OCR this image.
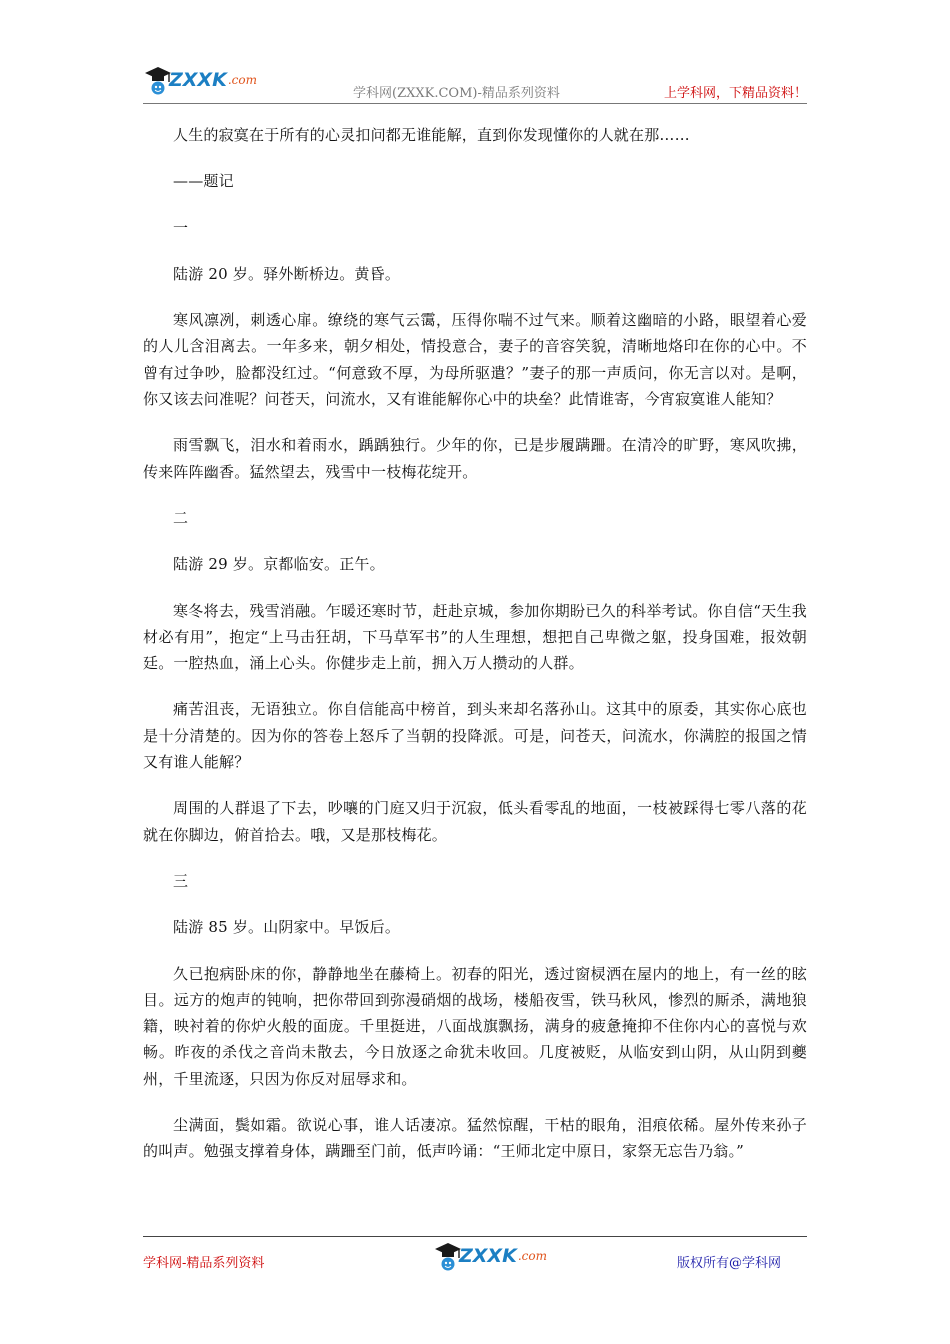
ZXXK .com
学科网(ZXXK.COM)-精品系列资料	上学科网，下精品资料！

人生的寂寞在于所有的心灵扣问都无谁能解，直到你发现懂你的人就在那……

——题记

一

陆游 20 岁。驿外断桥边。黄昏。

寒风凛冽，刺透心扉。缭绕的寒气云霭，压得你喘不过气来。顺着这幽暗的小路，眼望着心爱的人儿含泪离去。一年多来，朝夕相处，情投意合，妻子的音容笑貌，清晰地烙印在你的心中。不曾有过争吵，脸都没红过。“何意致不厚，为母所驱遣？”妻子的那一声质问，你无言以对。是啊，你又该去问准呢？问苍天，问流水，又有谁能解你心中的块垒？此情谁寄，今宵寂寞谁人能知？

雨雪飘飞，泪水和着雨水，踽踽独行。少年的你，已是步履蹒跚。在清冷的旷野，寒风吹拂，传来阵阵幽香。猛然望去，残雪中一枝梅花绽开。

二

陆游 29 岁。京都临安。正午。

寒冬将去，残雪消融。乍暖还寒时节，赶赴京城，参加你期盼已久的科举考试。你自信“天生我材必有用”，抱定“上马击狂胡，下马草军书”的人生理想，想把自己卑微之躯，投身国难，报效朝廷。一腔热血，涌上心头。你健步走上前，拥入万人攒动的人群。

痛苦沮丧，无语独立。你自信能高中榜首，到头来却名落孙山。这其中的原委，其实你心底也是十分清楚的。因为你的答卷上怒斥了当朝的投降派。可是，问苍天，问流水，你满腔的报国之情又有谁人能解？

周围的人群退了下去，吵嚷的门庭又归于沉寂，低头看零乱的地面，一枝被踩得七零八落的花就在你脚边，俯首拾去。哦，又是那枝梅花。

三

陆游 85 岁。山阴家中。早饭后。

久已抱病卧床的你，静静地坐在藤椅上。初春的阳光，透过窗棂洒在屋内的地上，有一丝的眩目。远方的炮声的钝响，把你带回到弥漫硝烟的战场，楼船夜雪，铁马秋风，惨烈的厮杀，满地狼籍，映衬着的你炉火般的面庞。千里挺进，八面战旗飘扬，满身的疲惫掩抑不住你内心的喜悦与欢畅。昨夜的杀伐之音尚未散去，今日放逐之命犹未收回。几度被贬，从临安到山阴，从山阴到夔州，千里流逐，只因为你反对屈辱求和。

尘满面，鬓如霜。欲说心事，谁人话凄凉。猛然惊醒，干枯的眼角，泪痕依稀。屋外传来孙子的叫声。勉强支撑着身体，蹒跚至门前，低声吟诵：“王师北定中原日，家祭无忘告乃翁。”

学科网-精品系列资料	ZXXK .com	版权所有@学科网
